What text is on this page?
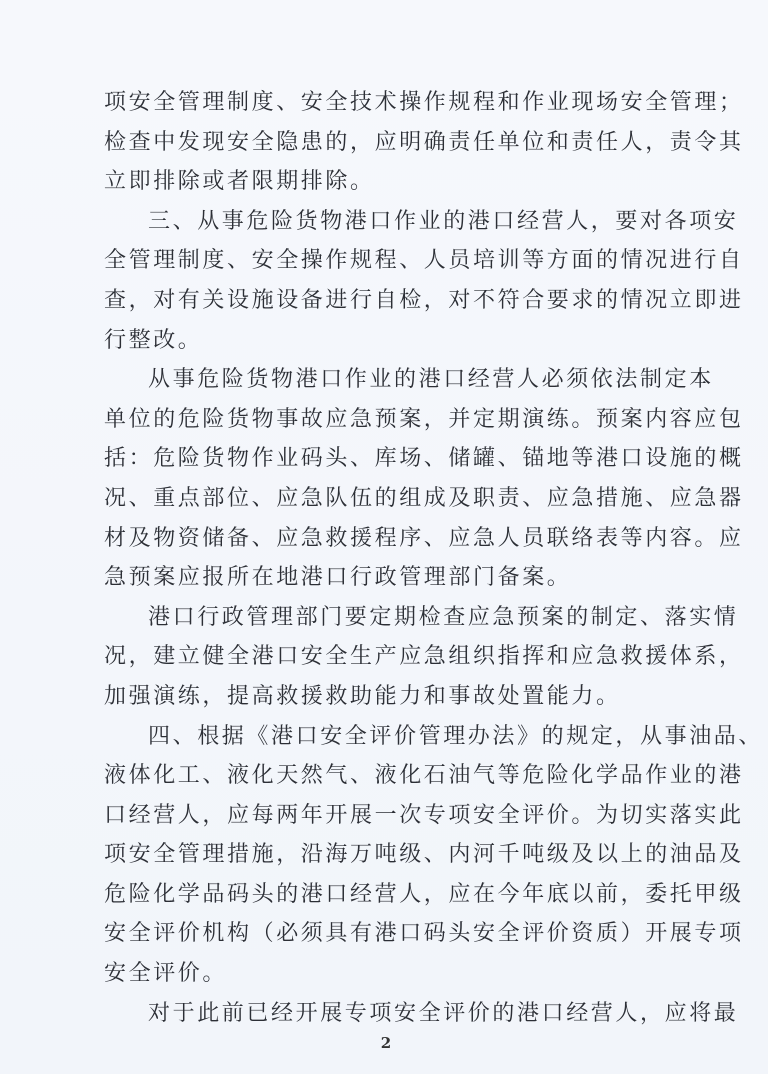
项安全管理制度、安全技术操作规程和作业现场安全管理；
检查中发现安全隐患的，应明确责任单位和责任人，责令其
立即排除或者限期排除。
三、从事危险货物港口作业的港口经营人，要对各项安
全管理制度、安全操作规程、人员培训等方面的情况进行自
查，对有关设施设备进行自检，对不符合要求的情况立即进
行整改。
从事危险货物港口作业的港口经营人必须依法制定本
单位的危险货物事故应急预案，并定期演练。预案内容应包
括：危险货物作业码头、库场、储罐、锚地等港口设施的概
况、重点部位、应急队伍的组成及职责、应急措施、应急器
材及物资储备、应急救援程序、应急人员联络表等内容。应
急预案应报所在地港口行政管理部门备案。
港口行政管理部门要定期检查应急预案的制定、落实情
况，建立健全港口安全生产应急组织指挥和应急救援体系，
加强演练，提高救援救助能力和事故处置能力。
四、根据《港口安全评价管理办法》的规定，从事油品、
液体化工、液化天然气、液化石油气等危险化学品作业的港
口经营人，应每两年开展一次专项安全评价。为切实落实此
项安全管理措施，沿海万吨级、内河千吨级及以上的油品及
危险化学品码头的港口经营人，应在今年底以前，委托甲级
安全评价机构（必须具有港口码头安全评价资质）开展专项
安全评价。
对于此前已经开展专项安全评价的港口经营人，应将最
2
